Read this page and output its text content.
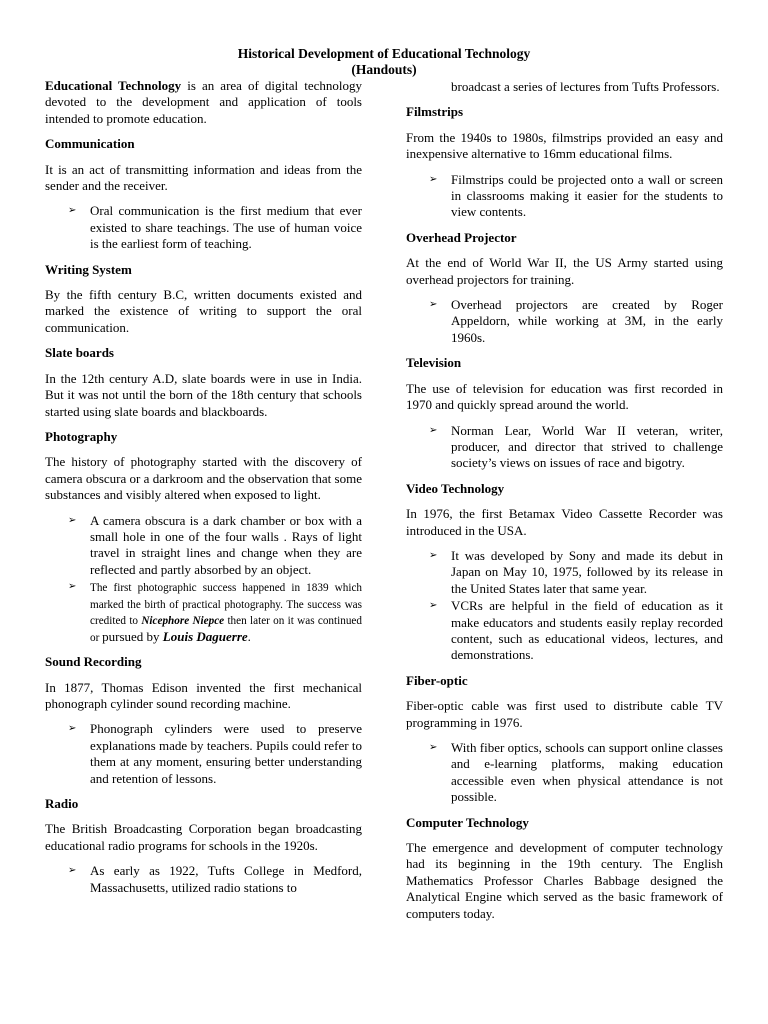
Historical Development of Educational Technology
(Handouts)

Educational Technology is an area of digital technology devoted to the development and application of tools intended to promote education.

Communication

It is an act of transmitting information and ideas from the sender and the receiver.

➢ Oral communication is the first medium that ever existed to share teachings. The use of human voice is the earliest form of teaching.
Writing System

By the fifth century B.C, written documents existed and marked the existence of writing to support the oral communication.

Slate boards

In the 12th century A.D, slate boards were in use in India. But it was not until the born of the 18th century that schools started using slate boards and blackboards.

Photography

The history of photography started with the discovery of camera obscura or a darkroom and the observation that some substances and visibly altered when exposed to light.

➢ A camera obscura is a dark chamber or box with a small hole in one of the four walls . Rays of light travel in straight lines and change when they are reflected and partly absorbed by an object.
➢ The first photographic success happened in 1839 which marked the birth of practical photography. The success was credited to Nicephore Niepce then later on it was continued or pursued by Louis Daguerre.
Sound Recording

In 1877, Thomas Edison invented the first mechanical phonograph cylinder sound recording machine.

➢ Phonograph cylinders were used to preserve explanations made by teachers. Pupils could refer to them at any moment, ensuring better understanding and retention of lessons.
Radio

The British Broadcasting Corporation began broadcasting educational radio programs for schools in the 1920s.

➢ As early as 1922, Tufts College in Medford, Massachusetts, utilized radio stations to

broadcast a series of lectures from Tufts Professors.

Filmstrips

From the 1940s to 1980s, filmstrips provided an easy and inexpensive alternative to 16mm educational films.

➢ Filmstrips could be projected onto a wall or screen in classrooms making it easier for the students to view contents.
Overhead Projector

At the end of World War II, the US Army started using overhead projectors for training.

➢ Overhead projectors are created by Roger Appeldorn, while working at 3M, in the early 1960s.
Television

The use of television for education was first recorded in 1970 and quickly spread around the world.

➢ Norman Lear, World War II veteran, writer, producer, and director that strived to challenge society’s views on issues of race and bigotry.
Video Technology

In 1976, the first Betamax Video Cassette Recorder was introduced in the USA.

➢ It was developed by Sony and made its debut in Japan on May 10, 1975, followed by its release in the United States later that same year.
➢ VCRs are helpful in the field of education as it make educators and students easily replay recorded content, such as educational videos, lectures, and demonstrations.
Fiber-optic

Fiber-optic cable was first used to distribute cable TV programming in 1976.

➢ With fiber optics, schools can support online classes and e-learning platforms, making education accessible even when physical attendance is not possible.
Computer Technology

The emergence and development of computer technology had its beginning in the 19th century. The English Mathematics Professor Charles Babbage designed the Analytical Engine which served as the basic framework of computers today.
